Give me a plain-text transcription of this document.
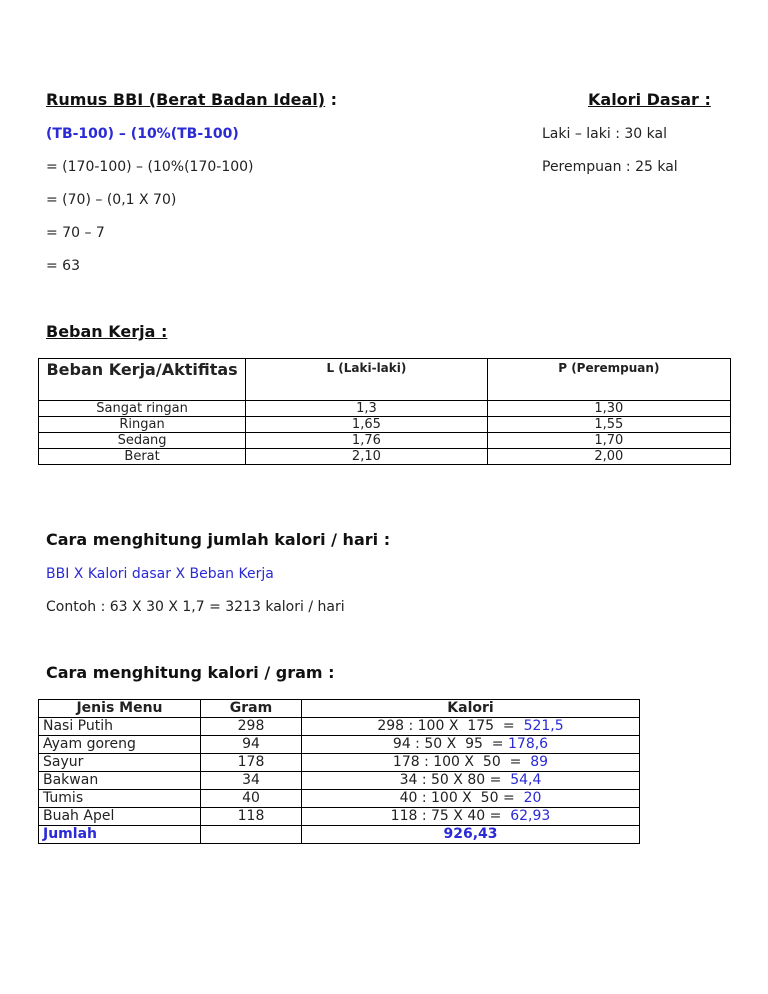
Rumus BBI (Berat Badan Ideal) :
(TB-100) – (10%(TB-100)
= (170-100) – (10%(170-100)
= (70) – (0,1 X 70)
= 70 – 7
= 63
Kalori Dasar :
Laki – laki : 30 kal
Perempuan : 25 kal
Beban Kerja :
Beban Kerja/Aktifitas	L (Laki-laki)	P (Perempuan)
Sangat ringan	1,3	1,30
Ringan	1,65	1,55
Sedang	1,76	1,70
Berat	2,10	2,00
Cara menghitung jumlah kalori / hari :
BBI X Kalori dasar X Beban Kerja
Contoh : 63 X 30 X 1,7 = 3213 kalori / hari
Cara menghitung kalori / gram :
Jenis Menu	Gram	Kalori
Nasi Putih	298	298 : 100 X  175  =  521,5
Ayam goreng	94	94 : 50 X  95  = 178,6
Sayur	178	178 : 100 X  50  =  89
Bakwan	34	34 : 50 X 80 =  54,4
Tumis	40	40 : 100 X  50 =  20
Buah Apel	118	118 : 75 X 40 =  62,93
Jumlah		926,43
